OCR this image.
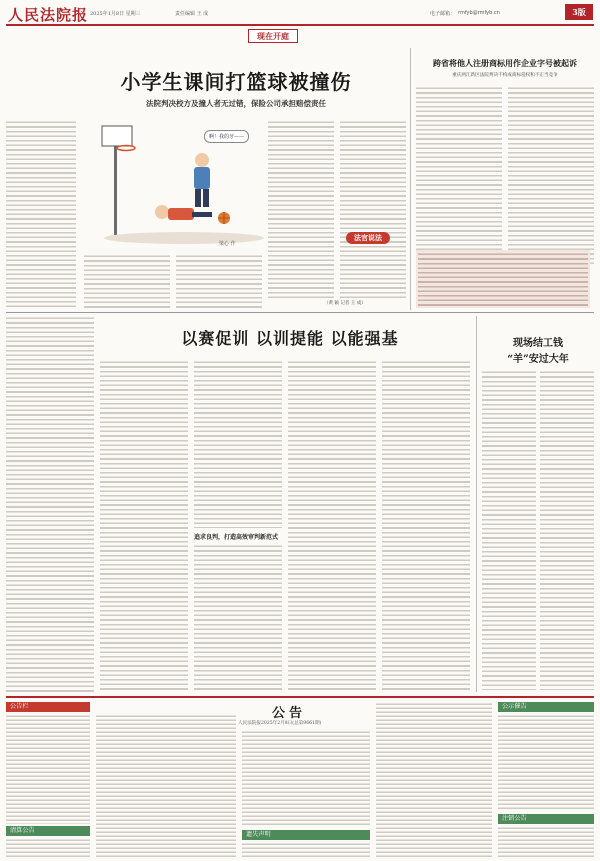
人民法院报 2025年1月8日 星期三	责任编辑 王 成	电子邮箱： rmfyb@rmfyb.cn	3版
现在开庭
小学生课间打篮球被撞伤
法院判决校方及撞人者无过错，保险公司承担赔偿责任
啊！我的牙——
梁心 作
（黄 颖 记者 王 成）
跨省将他人注册商标用作企业字号被起诉
重庆两江新区法院判决不构成商标侵权和不正当竞争
法官说法
以赛促训 以训提能 以能强基
追求良判，打造高效审判新范式
现场结工钱
“羊”安过大年
公告
人民法院报2025年2月8日(总第9661期)
公告栏
清算公告
遗失声明
公示催告
注销公告
